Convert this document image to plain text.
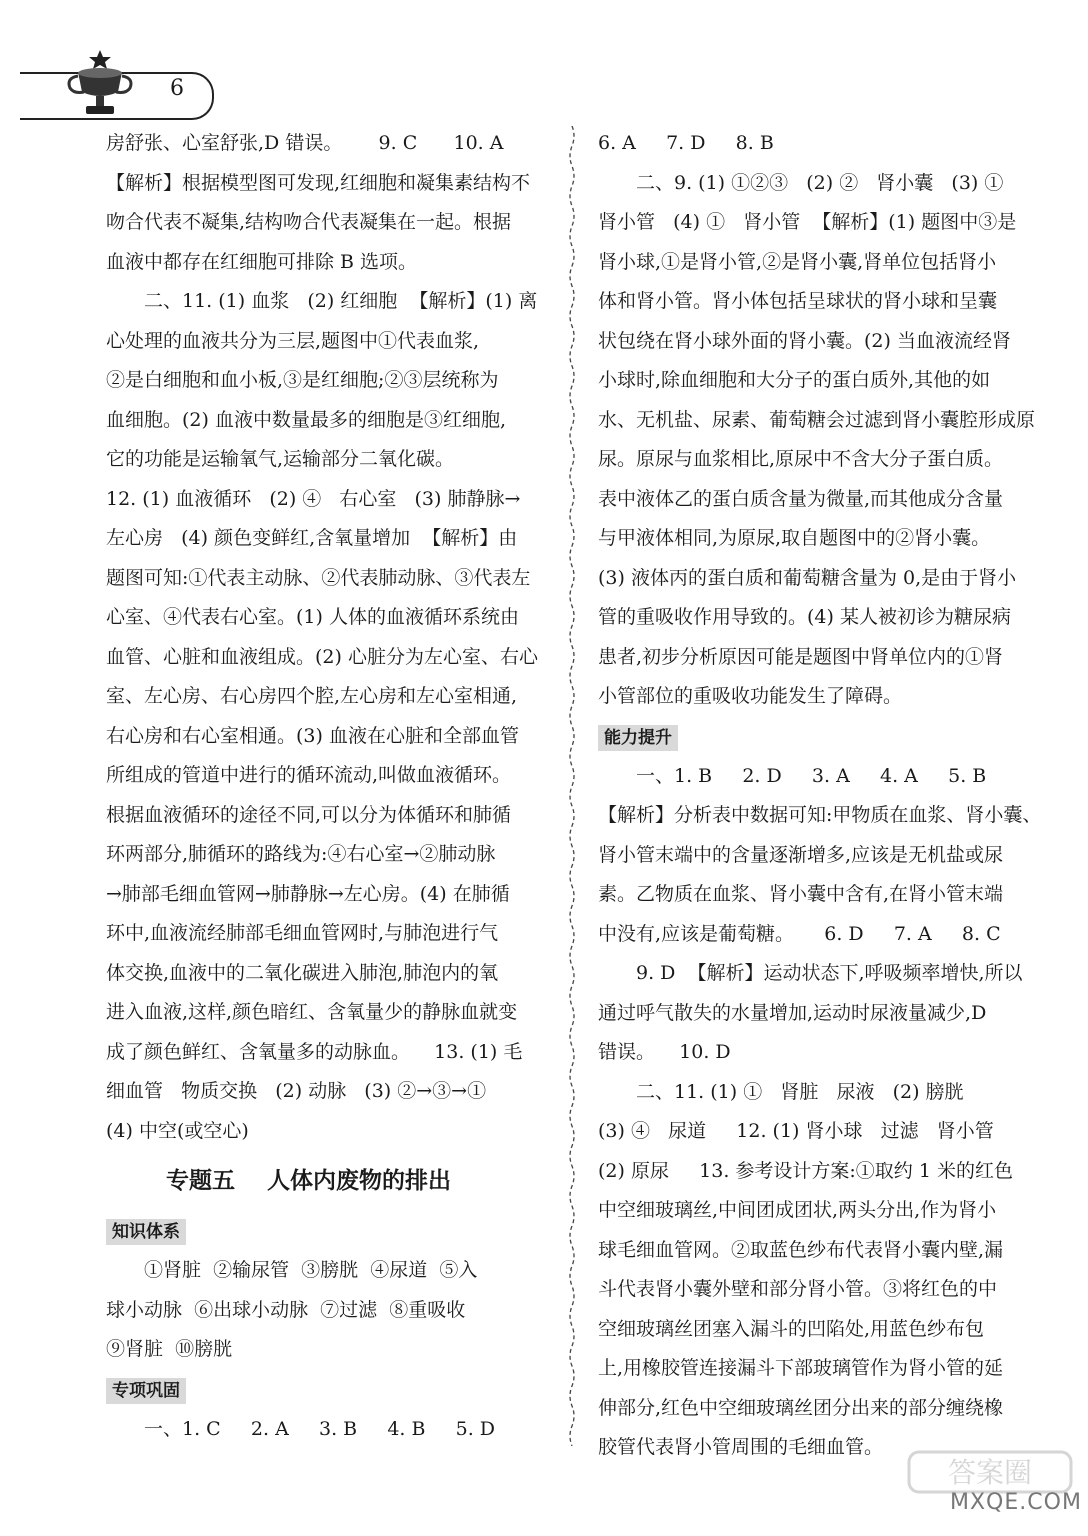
6
房舒张、心室舒张,D 错误。      9. C      10. A
【解析】根据模型图可发现,红细胞和凝集素结构不
吻合代表不凝集,结构吻合代表凝集在一起。根据
血液中都存在红细胞可排除 B 选项。
二、11. (1) 血浆   (2) 红细胞  【解析】(1) 离
心处理的血液共分为三层,题图中①代表血浆,
②是白细胞和血小板,③是红细胞;②③层统称为
血细胞。(2) 血液中数量最多的细胞是③红细胞,
它的功能是运输氧气,运输部分二氧化碳。
12. (1) 血液循环   (2) ④   右心室   (3) 肺静脉→
左心房   (4) 颜色变鲜红,含氧量增加  【解析】由
题图可知:①代表主动脉、②代表肺动脉、③代表左
心室、④代表右心室。(1) 人体的血液循环系统由
血管、心脏和血液组成。(2) 心脏分为左心室、右心
室、左心房、右心房四个腔,左心房和左心室相通,
右心房和右心室相通。(3) 血液在心脏和全部血管
所组成的管道中进行的循环流动,叫做血液循环。
根据血液循环的途径不同,可以分为体循环和肺循
环两部分,肺循环的路线为:④右心室→②肺动脉
→肺部毛细血管网→肺静脉→左心房。(4) 在肺循
环中,血液流经肺部毛细血管网时,与肺泡进行气
体交换,血液中的二氧化碳进入肺泡,肺泡内的氧
进入血液,这样,颜色暗红、含氧量少的静脉血就变
成了颜色鲜红、含氧量多的动脉血。    13. (1) 毛
细血管   物质交换   (2) 动脉   (3) ②→③→①
(4) 中空(或空心)
专题五    人体内废物的排出
知识体系
①肾脏  ②输尿管  ③膀胱  ④尿道  ⑤入
球小动脉  ⑥出球小动脉  ⑦过滤  ⑧重吸收
⑨肾脏  ⑩膀胱
专项巩固
一、1. C     2. A     3. B     4. B     5. D
6. A     7. D     8. B
二、9. (1) ①②③   (2) ②   肾小囊   (3) ①
肾小管   (4) ①   肾小管  【解析】(1) 题图中③是
肾小球,①是肾小管,②是肾小囊,肾单位包括肾小
体和肾小管。肾小体包括呈球状的肾小球和呈囊
状包绕在肾小球外面的肾小囊。(2) 当血液流经肾
小球时,除血细胞和大分子的蛋白质外,其他的如
水、无机盐、尿素、葡萄糖会过滤到肾小囊腔形成原
尿。原尿与血浆相比,原尿中不含大分子蛋白质。
表中液体乙的蛋白质含量为微量,而其他成分含量
与甲液体相同,为原尿,取自题图中的②肾小囊。
(3) 液体丙的蛋白质和葡萄糖含量为 0,是由于肾小
管的重吸收作用导致的。(4) 某人被初诊为糖尿病
患者,初步分析原因可能是题图中肾单位内的①肾
小管部位的重吸收功能发生了障碍。
能力提升
一、1. B     2. D     3. A     4. A     5. B
【解析】分析表中数据可知:甲物质在血浆、肾小囊、
肾小管末端中的含量逐渐增多,应该是无机盐或尿
素。乙物质在血浆、肾小囊中含有,在肾小管末端
中没有,应该是葡萄糖。     6. D     7. A     8. C
9. D  【解析】运动状态下,呼吸频率增快,所以
通过呼气散失的水量增加,运动时尿液量减少,D
错误。    10. D
二、11. (1) ①   肾脏   尿液   (2) 膀胱
(3) ④   尿道     12. (1) 肾小球   过滤   肾小管
(2) 原尿     13. 参考设计方案:①取约 1 米的红色
中空细玻璃丝,中间团成团状,两头分出,作为肾小
球毛细血管网。②取蓝色纱布代表肾小囊内壁,漏
斗代表肾小囊外壁和部分肾小管。③将红色的中
空细玻璃丝团塞入漏斗的凹陷处,用蓝色纱布包
上,用橡胶管连接漏斗下部玻璃管作为肾小管的延
伸部分,红色中空细玻璃丝团分出来的部分缠绕橡
胶管代表肾小管周围的毛细血管。
答案圈
MXQE.COM
